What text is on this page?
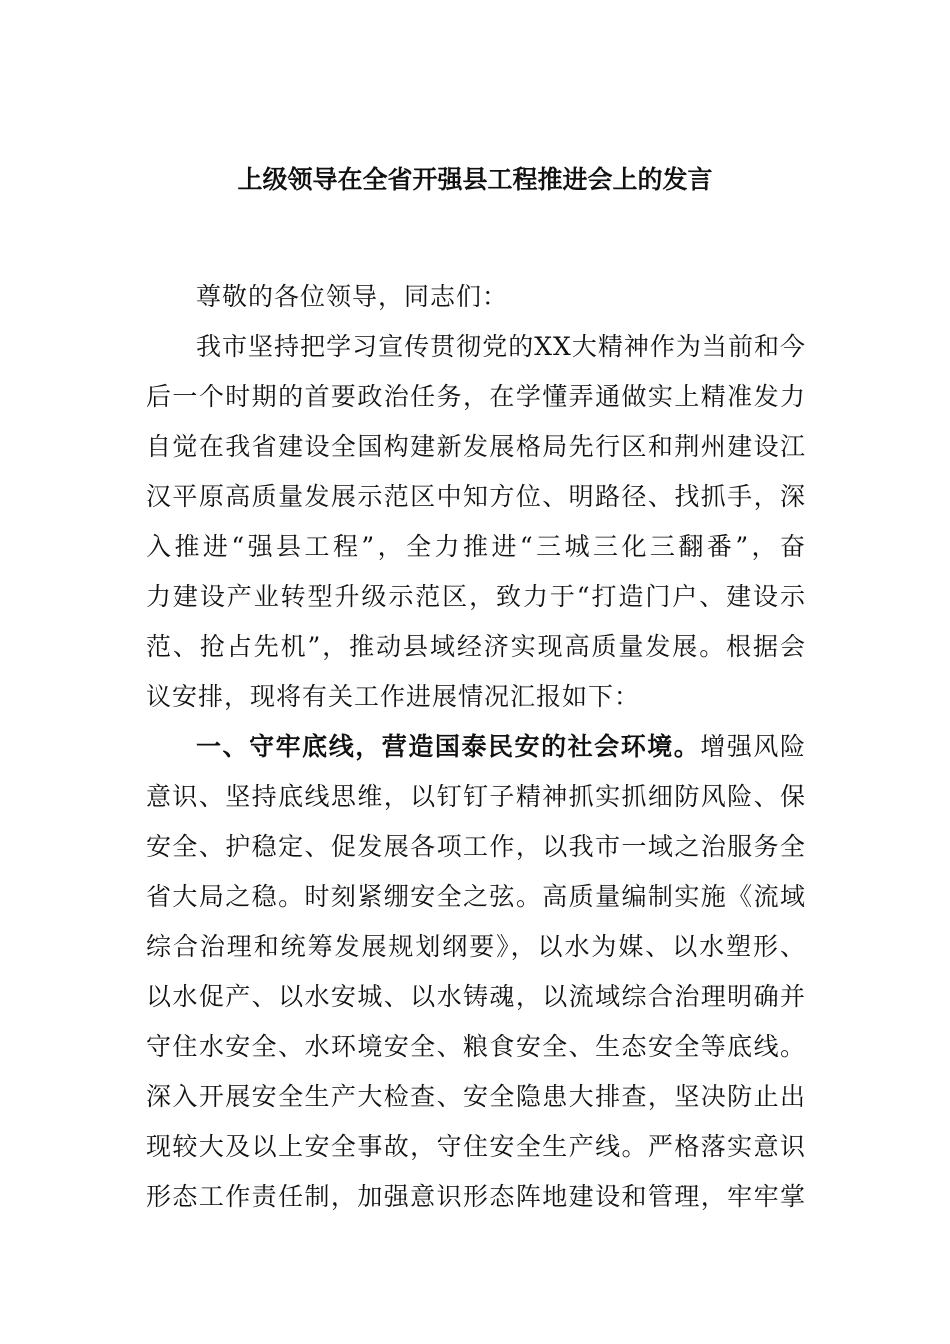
上级领导在全省开强县工程推进会上的发言
尊敬的各位领导，同志们：
我市坚持把学习宣传贯彻党的XX大精神作为当前和今
后一个时期的首要政治任务，在学懂弄通做实上精准发力
自觉在我省建设全国构建新发展格局先行区和荆州建设江
汉平原高质量发展示范区中知方位、明路径、找抓手，深
入推进“强县工程”，全力推进“三城三化三翻番”，奋
力建设产业转型升级示范区，致力于“打造门户、建设示
范、抢占先机”，推动县域经济实现高质量发展。根据会
议安排，现将有关工作进展情况汇报如下：
一、守牢底线，营造国泰民安的社会环境。增强风险
意识、坚持底线思维，以钉钉子精神抓实抓细防风险、保
安全、护稳定、促发展各项工作，以我市一域之治服务全
省大局之稳。时刻紧绷安全之弦。高质量编制实施《流域
综合治理和统筹发展规划纲要》，以水为媒、以水塑形、
以水促产、以水安城、以水铸魂，以流域综合治理明确并
守住水安全、水环境安全、粮食安全、生态安全等底线。
深入开展安全生产大检查、安全隐患大排查，坚决防止出
现较大及以上安全事故，守住安全生产线。严格落实意识
形态工作责任制，加强意识形态阵地建设和管理，牢牢掌
